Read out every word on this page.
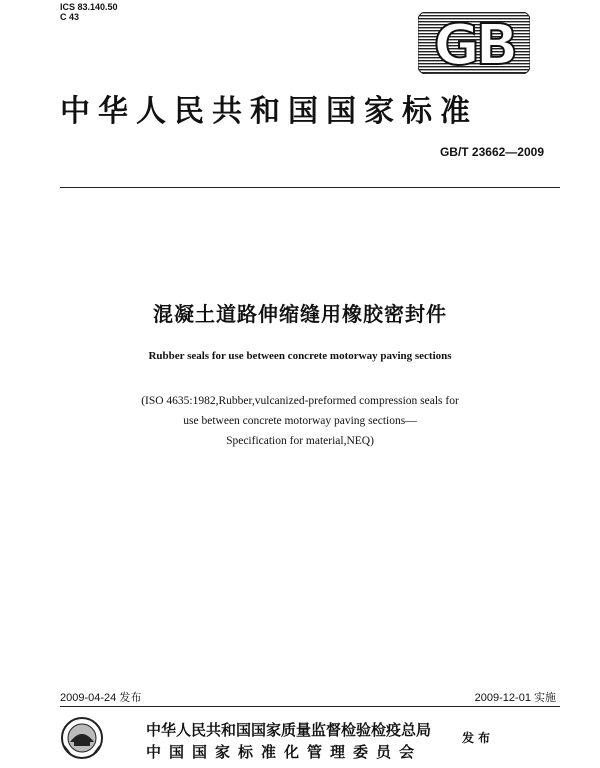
ICS 83.140.50
C 43	GB
中华人民共和国国家标准
GB/T 23662—2009
混凝土道路伸缩缝用橡胶密封件
Rubber seals for use between concrete motorway paving sections
(ISO 4635:1982,Rubber,vulcanized-preformed compression seals for
use between concrete motorway paving sections—
Specification for material,NEQ)
2009-04-24 发布	2009-12-01 实施
中华人民共和国国家质量监督检验检疫总局
中国国家标准化管理委员会
发布
